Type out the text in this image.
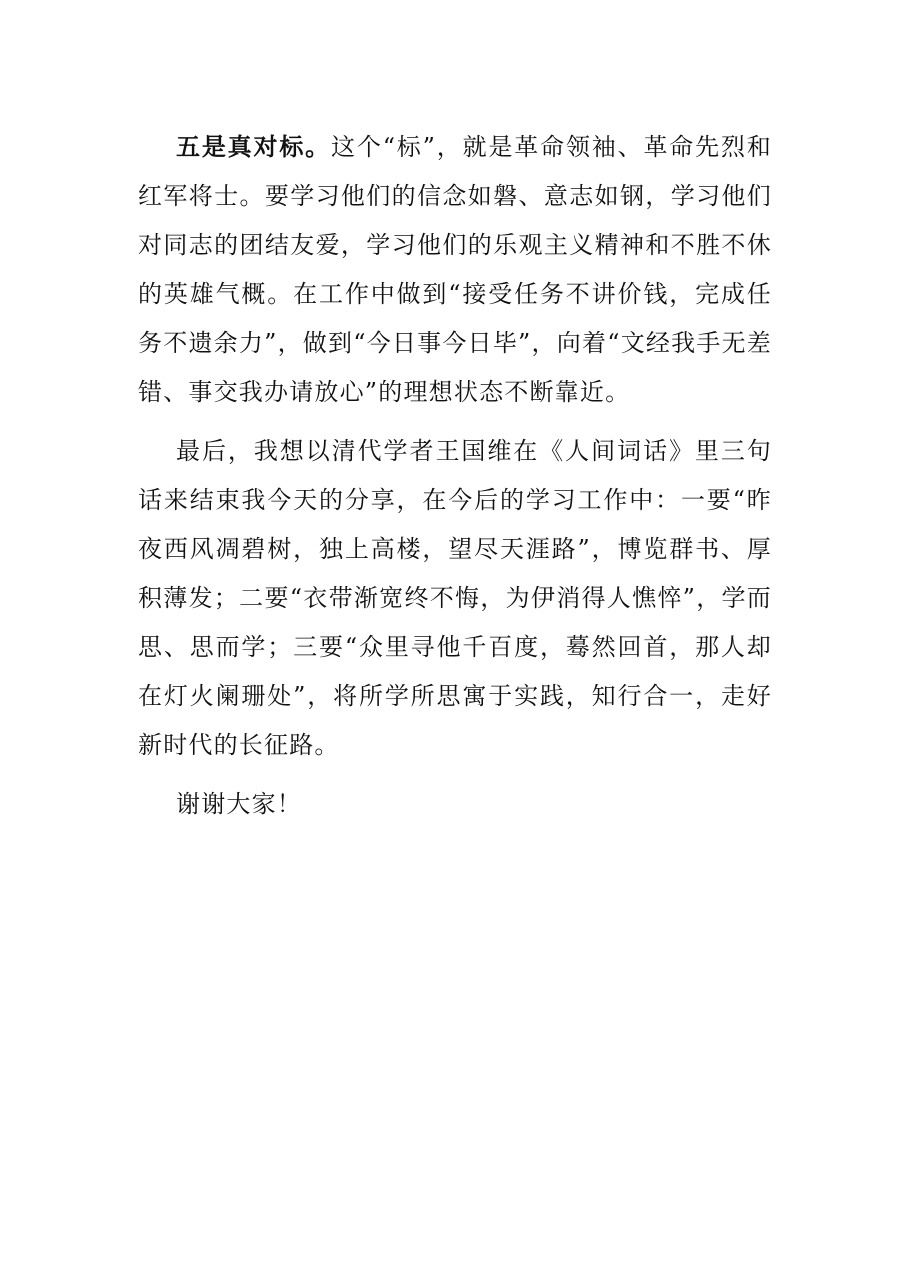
五是真对标。这个“标”，就是革命领袖、革命先烈和红军将士。要学习他们的信念如磐、意志如钢，学习他们对同志的团结友爱，学习他们的乐观主义精神和不胜不休的英雄气概。在工作中做到“接受任务不讲价钱，完成任务不遗余力”，做到“今日事今日毕”，向着“文经我手无差错、事交我办请放心”的理想状态不断靠近。

最后，我想以清代学者王国维在《人间词话》里三句话来结束我今天的分享，在今后的学习工作中：一要“昨夜西风凋碧树，独上高楼，望尽天涯路”，博览群书、厚积薄发；二要“衣带渐宽终不悔，为伊消得人憔悴”，学而思、思而学；三要“众里寻他千百度，蓦然回首，那人却在灯火阑珊处”，将所学所思寓于实践，知行合一，走好新时代的长征路。

谢谢大家！
